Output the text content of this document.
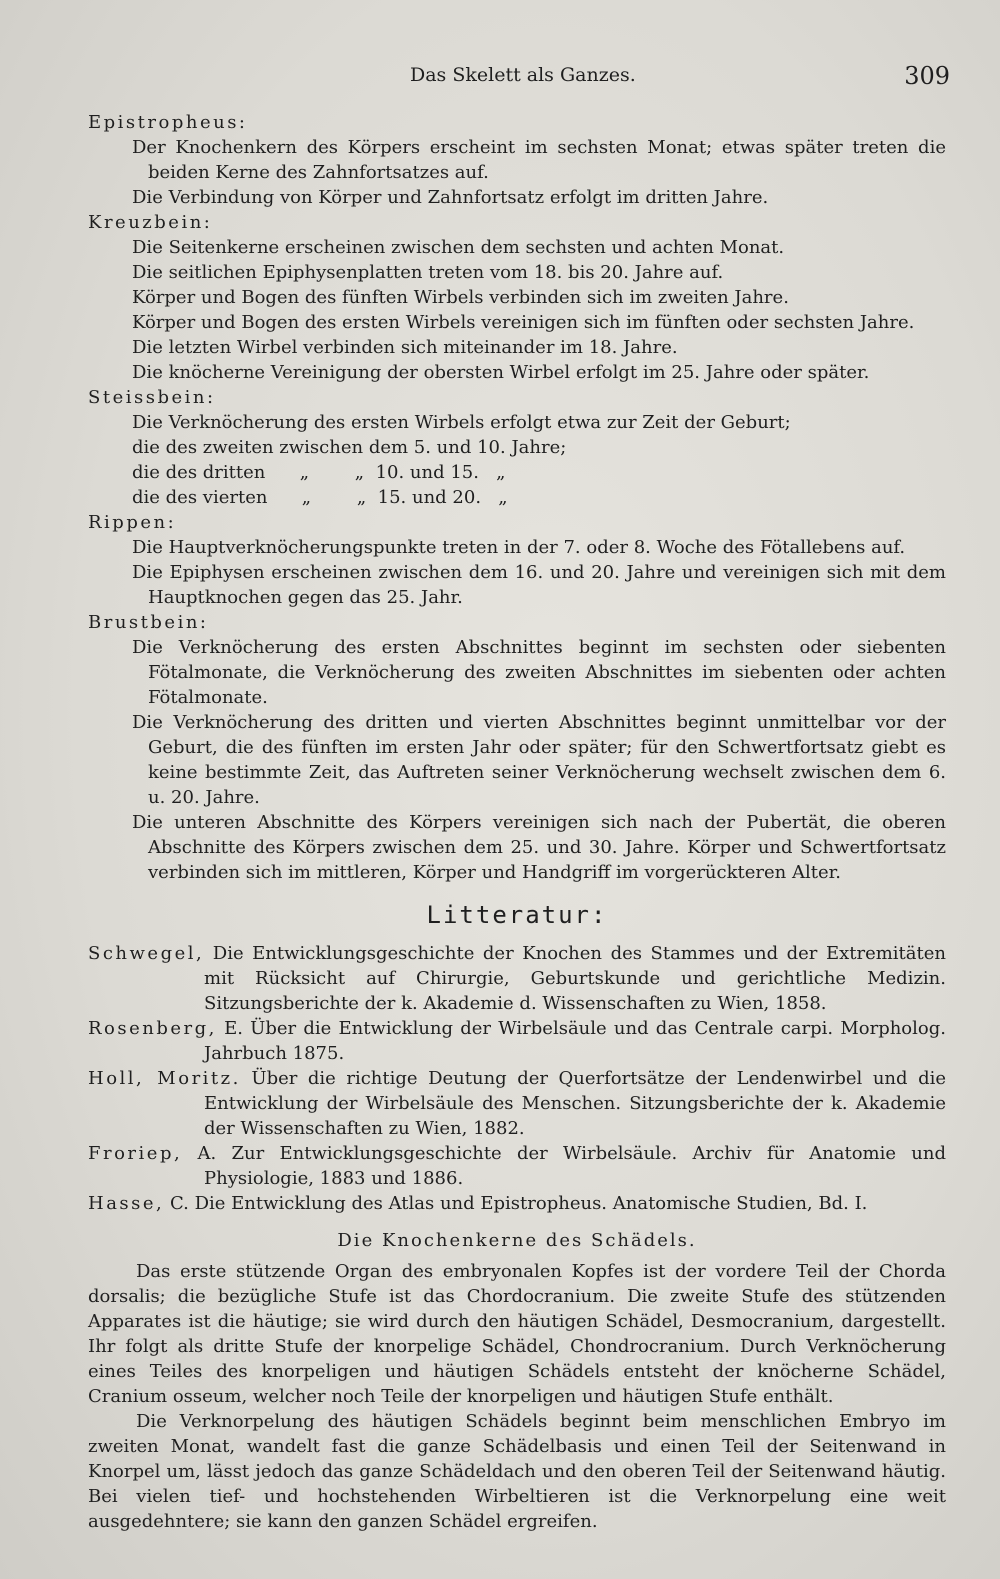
Das Skelett als Ganzes.	309

Epistropheus:

Der Knochenkern des Körpers erscheint im sechsten Monat; etwas später treten die beiden Kerne des Zahnfortsatzes auf.

Die Verbindung von Körper und Zahnfortsatz erfolgt im dritten Jahre.

Kreuzbein:

Die Seitenkerne erscheinen zwischen dem sechsten und achten Monat.

Die seitlichen Epiphysenplatten treten vom 18. bis 20. Jahre auf.

Körper und Bogen des fünften Wirbels verbinden sich im zweiten Jahre.

Körper und Bogen des ersten Wirbels vereinigen sich im fünften oder sechsten Jahre.

Die letzten Wirbel verbinden sich miteinander im 18. Jahre.

Die knöcherne Vereinigung der obersten Wirbel erfolgt im 25. Jahre oder später.

Steissbein:

Die Verknöcherung des ersten Wirbels erfolgt etwa zur Zeit der Geburt;

die des zweiten zwischen dem 5. und 10. Jahre;

die des dritten      „        „  10. und 15.   „

die des vierten      „        „  15. und 20.   „

Rippen:

Die Hauptverknöcherungspunkte treten in der 7. oder 8. Woche des Fötallebens auf.

Die Epiphysen erscheinen zwischen dem 16. und 20. Jahre und vereinigen sich mit dem Hauptknochen gegen das 25. Jahr.

Brustbein:

Die Verknöcherung des ersten Abschnittes beginnt im sechsten oder siebenten Fötalmonate, die Verknöcherung des zweiten Abschnittes im siebenten oder achten Fötalmonate.

Die Verknöcherung des dritten und vierten Abschnittes beginnt unmittelbar vor der Geburt, die des fünften im ersten Jahr oder später; für den Schwertfortsatz giebt es keine bestimmte Zeit, das Auftreten seiner Verknöcherung wechselt zwischen dem 6. u. 20. Jahre.

Die unteren Abschnitte des Körpers vereinigen sich nach der Pubertät, die oberen Abschnitte des Körpers zwischen dem 25. und 30. Jahre. Körper und Schwertfortsatz verbinden sich im mittleren, Körper und Handgriff im vorgerückteren Alter.

Litteratur:

Schwegel, Die Entwicklungsgeschichte der Knochen des Stammes und der Extremitäten mit Rücksicht auf Chirurgie, Geburtskunde und gerichtliche Medizin. Sitzungsberichte der k. Akademie d. Wissenschaften zu Wien, 1858.

Rosenberg, E. Über die Entwicklung der Wirbelsäule und das Centrale carpi. Morpholog. Jahrbuch 1875.

Holl, Moritz. Über die richtige Deutung der Querfortsätze der Lendenwirbel und die Entwicklung der Wirbelsäule des Menschen. Sitzungsberichte der k. Akademie der Wissenschaften zu Wien, 1882.

Froriep, A. Zur Entwicklungsgeschichte der Wirbelsäule. Archiv für Anatomie und Physiologie, 1883 und 1886.

Hasse, C. Die Entwicklung des Atlas und Epistropheus. Anatomische Studien, Bd. I.

Die Knochenkerne des Schädels.

Das erste stützende Organ des embryonalen Kopfes ist der vordere Teil der Chorda dorsalis; die bezügliche Stufe ist das Chordocranium. Die zweite Stufe des stützenden Apparates ist die häutige; sie wird durch den häutigen Schädel, Desmocranium, dargestellt. Ihr folgt als dritte Stufe der knorpelige Schädel, Chondrocranium. Durch Verknöcherung eines Teiles des knorpeligen und häutigen Schädels entsteht der knöcherne Schädel, Cranium osseum, welcher noch Teile der knorpeligen und häutigen Stufe enthält.

Die Verknorpelung des häutigen Schädels beginnt beim menschlichen Embryo im zweiten Monat, wandelt fast die ganze Schädelbasis und einen Teil der Seitenwand in Knorpel um, lässt jedoch das ganze Schädeldach und den oberen Teil der Seitenwand häutig. Bei vielen tief- und hochstehenden Wirbeltieren ist die Verknorpelung eine weit ausgedehntere; sie kann den ganzen Schädel ergreifen.
